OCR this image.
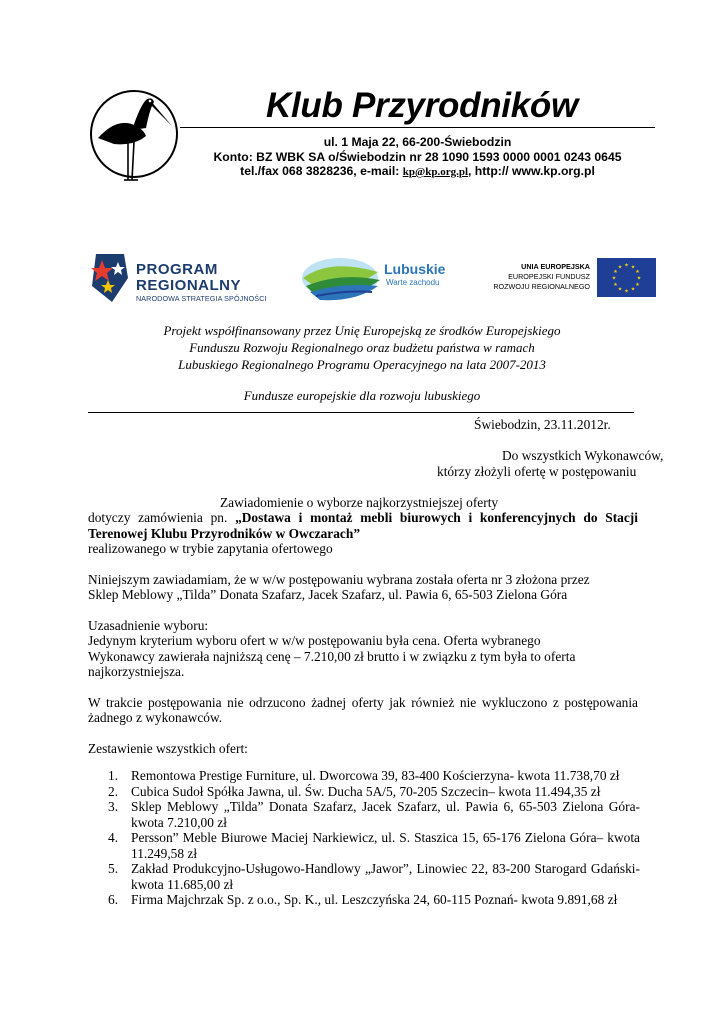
Klub Przyrodników
ul. 1 Maja 22, 66-200-Świebodzin
Konto: BZ WBK SA o/Świebodzin nr 28 1090 1593 0000 0001 0243 0645
tel./fax 068 3828236, e-mail: kp@kp.org.pl, http:// www.kp.org.pl
PROGRAM
REGIONALNY
NARODOWA STRATEGIA SPÓJNOŚCI
Lubuskie
Warte zachodu
UNIA EUROPEJSKA
EUROPEJSKI FUNDUSZ
ROZWOJU REGIONALNEGO
★ ★
★
★
★
★
★
★
★
★
★
★
Projekt współfinansowany przez Unię Europejską ze środków Europejskiego
Funduszu Rozwoju Regionalnego oraz budżetu państwa w ramach
Lubuskiego Regionalnego Programu Operacyjnego na lata 2007-2013
Fundusze europejskie dla rozwoju lubuskiego
Świebodzin, 23.11.2012r.
Do wszystkich Wykonawców,
którzy złożyli ofertę w postępowaniu
Zawiadomienie o wyborze najkorzystniejszej oferty
dotyczy zamówienia pn. „Dostawa i montaż mebli biurowych i konferencyjnych do Stacji
Terenowej Klubu Przyrodników w Owczarach”
realizowanego w trybie zapytania ofertowego
Niniejszym zawiadamiam, że w w/w postępowaniu wybrana została oferta nr 3 złożona przez
Sklep Meblowy „Tilda” Donata Szafarz, Jacek Szafarz, ul. Pawia 6, 65-503 Zielona Góra
Uzasadnienie wyboru:
Jedynym kryterium wyboru ofert w w/w postępowaniu była cena. Oferta wybranego
Wykonawcy zawierała najniższą cenę – 7.210,00 zł brutto i w związku z tym była to oferta
najkorzystniejsza.
W trakcie postępowania nie odrzucono żadnej oferty jak również nie wykluczono z postępowania
żadnego z wykonawców.
Zestawienie wszystkich ofert:
1. Remontowa Prestige Furniture, ul. Dworcowa 39, 83-400 Kościerzyna- kwota 11.738,70 zł
2. Cubica Sudoł Spółka Jawna, ul. Św. Ducha 5A/5, 70-205 Szczecin– kwota 11.494,35 zł
3. Sklep Meblowy „Tilda” Donata Szafarz, Jacek Szafarz, ul. Pawia 6, 65-503 Zielona Góra-
kwota 7.210,00 zł
4. Persson” Meble Biurowe Maciej Narkiewicz, ul. S. Staszica 15, 65-176 Zielona Góra– kwota
11.249,58 zł
5. Zakład Produkcyjno-Usługowo-Handlowy „Jawor”, Linowiec 22, 83-200 Starogard Gdański-
kwota 11.685,00 zł
6. Firma Majchrzak Sp. z o.o., Sp. K., ul. Leszczyńska 24, 60-115 Poznań- kwota 9.891,68 zł
